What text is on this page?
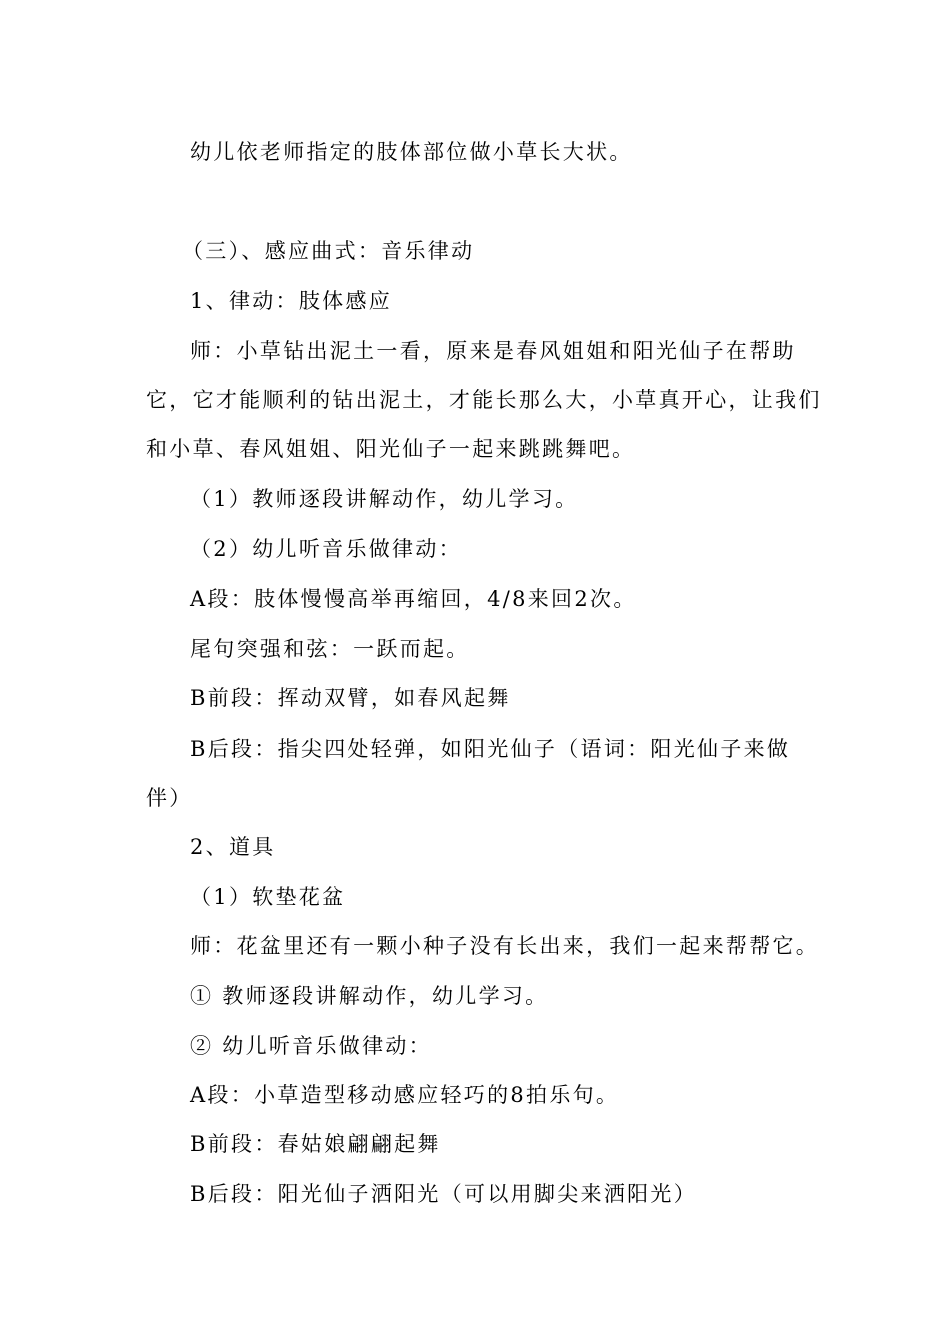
幼儿依老师指定的肢体部位做小草长大状。
（三）、感应曲式：音乐律动
1、律动：肢体感应
师：小草钻出泥土一看，原来是春风姐姐和阳光仙子在帮助
它，它才能顺利的钻出泥土，才能长那么大，小草真开心，让我们
和小草、春风姐姐、阳光仙子一起来跳跳舞吧。
（1）教师逐段讲解动作，幼儿学习。
（2）幼儿听音乐做律动：
A段：肢体慢慢高举再缩回，4/8来回2次。
尾句突强和弦：一跃而起。
B前段：挥动双臂，如春风起舞
B后段：指尖四处轻弹，如阳光仙子（语词：阳光仙子来做
伴）
2、道具
（1）软垫花盆
师：花盆里还有一颗小种子没有长出来，我们一起来帮帮它。
① 教师逐段讲解动作，幼儿学习。
② 幼儿听音乐做律动：
A段：小草造型移动感应轻巧的8拍乐句。
B前段：春姑娘翩翩起舞
B后段：阳光仙子洒阳光（可以用脚尖来洒阳光）
